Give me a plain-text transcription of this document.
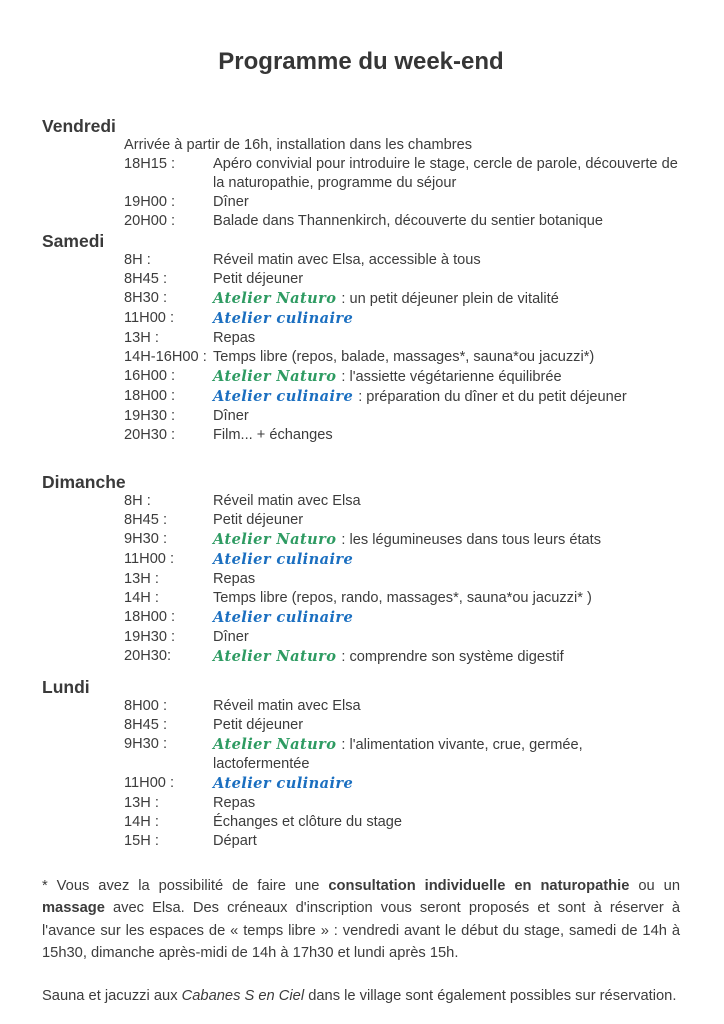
Programme du week-end
Vendredi
Arrivée à partir de 16h, installation dans les chambres
18H15 :	Apéro convivial pour introduire le stage, cercle de parole, découverte de la naturopathie, programme du séjour
19H00 :	Dîner
20H00 :	Balade dans Thannenkirch, découverte du sentier botanique
Samedi
8H :	Réveil matin avec Elsa, accessible à tous
8H45 :	Petit déjeuner
8H30 :	Atelier Naturo : un petit déjeuner plein de vitalité
11H00 :	Atelier culinaire
13H :	Repas
14H-16H00 : Temps libre (repos, balade, massages*, sauna*ou jacuzzi*)
16H00 :	Atelier Naturo : l'assiette végétarienne équilibrée
18H00 :	Atelier culinaire : préparation du dîner et du petit déjeuner
19H30 :	Dîner
20H30 :	Film... + échanges
Dimanche
8H :	Réveil matin avec Elsa
8H45 :	Petit déjeuner
9H30 :	Atelier Naturo : les légumineuses dans tous leurs états
11H00 :	Atelier culinaire
13H :	Repas
14H :	Temps libre (repos, rando, massages*, sauna*ou jacuzzi* )
18H00 :	Atelier culinaire
19H30 :	Dîner
20H30:	Atelier Naturo : comprendre son système digestif
Lundi
8H00 :	Réveil matin avec Elsa
8H45 :	Petit déjeuner
9H30 :	Atelier Naturo : l'alimentation vivante, crue, germée, lactofermentée
11H00 :	Atelier culinaire
13H :	Repas
14H :	Échanges et clôture du stage
15H :	Départ

* Vous avez la possibilité de faire une consultation individuelle en naturopathie ou un massage avec Elsa. Des créneaux d'inscription vous seront proposés et sont à réserver à l'avance sur les espaces de « temps libre » : vendredi avant le début du stage, samedi de 14h à 15h30, dimanche après-midi de 14h à 17h30 et lundi après 15h.

Sauna et jacuzzi aux Cabanes S en Ciel dans le village sont également possibles sur réservation.
